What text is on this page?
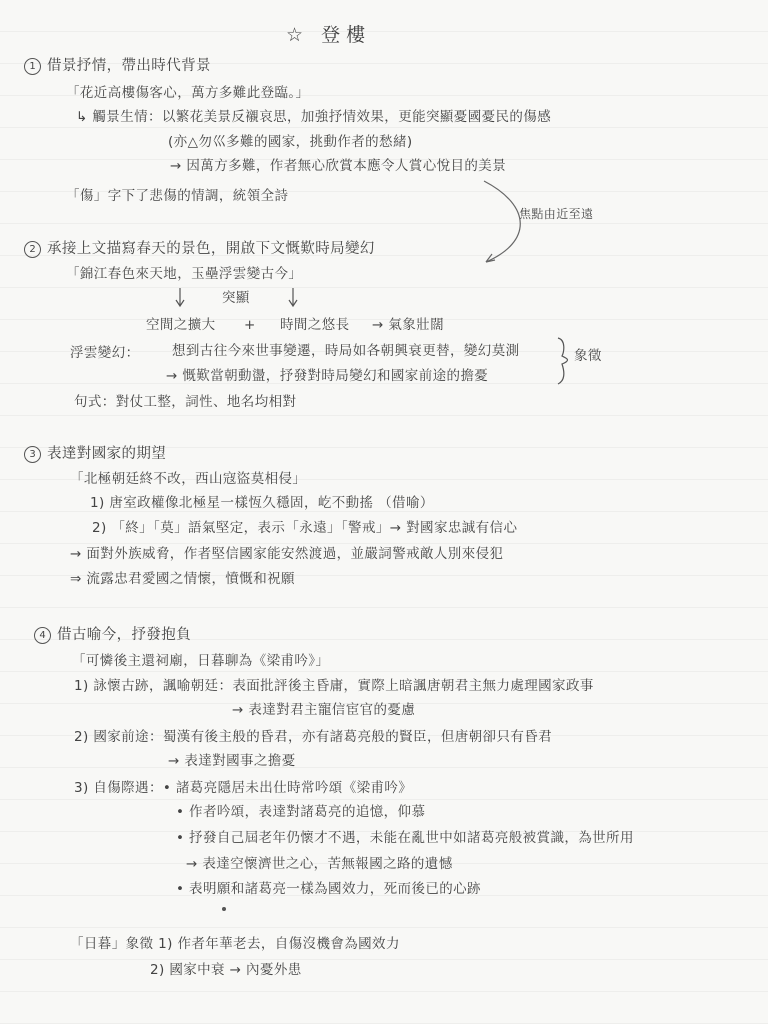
☆ 登樓
1 借景抒情，帶出時代背景
「花近高樓傷客心，萬方多難此登臨。」
↳ 觸景生情：以繁花美景反襯哀思，加強抒情效果，更能突顯憂國憂民的傷感
(亦△勿巛多難的國家，挑動作者的愁緒)
→ 因萬方多難，作者無心欣賞本應令人賞心悅目的美景
「傷」字下了悲傷的情調，統領全詩
焦點由近至遠
2 承接上文描寫春天的景色，開啟下文慨歎時局變幻
「錦江春色來天地，玉壘浮雲變古今」
突顯
空間之擴大 + 時間之悠長 → 氣象壯闊
浮雲變幻： 想到古往今來世事變遷，時局如各朝興衰更替，變幻莫測
→ 慨歎當朝動盪，抒發對時局變幻和國家前途的擔憂
象徵
句式：對仗工整，詞性、地名均相對
3 表達對國家的期望
「北極朝廷終不改，西山寇盜莫相侵」
1) 唐室政權像北極星一樣恆久穩固，屹不動搖 （借喻）
2) 「終」「莫」語氣堅定，表示「永遠」「警戒」→ 對國家忠誠有信心
→ 面對外族威脅，作者堅信國家能安然渡過，並嚴詞警戒敵人別來侵犯
⇒ 流露忠君愛國之情懷，憤慨和祝願
4 借古喻今，抒發抱負
「可憐後主還祠廟，日暮聊為《梁甫吟》」
1) 詠懷古跡，諷喻朝廷：表面批評後主昏庸，實際上暗諷唐朝君主無力處理國家政事
→ 表達對君主寵信宦官的憂慮
2) 國家前途：蜀漢有後主般的昏君，亦有諸葛亮般的賢臣，但唐朝卻只有昏君
→ 表達對國事之擔憂
3) 自傷際遇：• 諸葛亮隱居未出仕時常吟頌《梁甫吟》
• 作者吟頌，表達對諸葛亮的追憶，仰慕
• 抒發自己屆老年仍懷才不遇，未能在亂世中如諸葛亮般被賞識，為世所用
→ 表達空懷濟世之心，苦無報國之路的遺憾
• 表明願和諸葛亮一樣為國效力，死而後已的心跡
「日暮」象徵 1) 作者年華老去，自傷沒機會為國效力
2) 國家中衰 → 內憂外患
